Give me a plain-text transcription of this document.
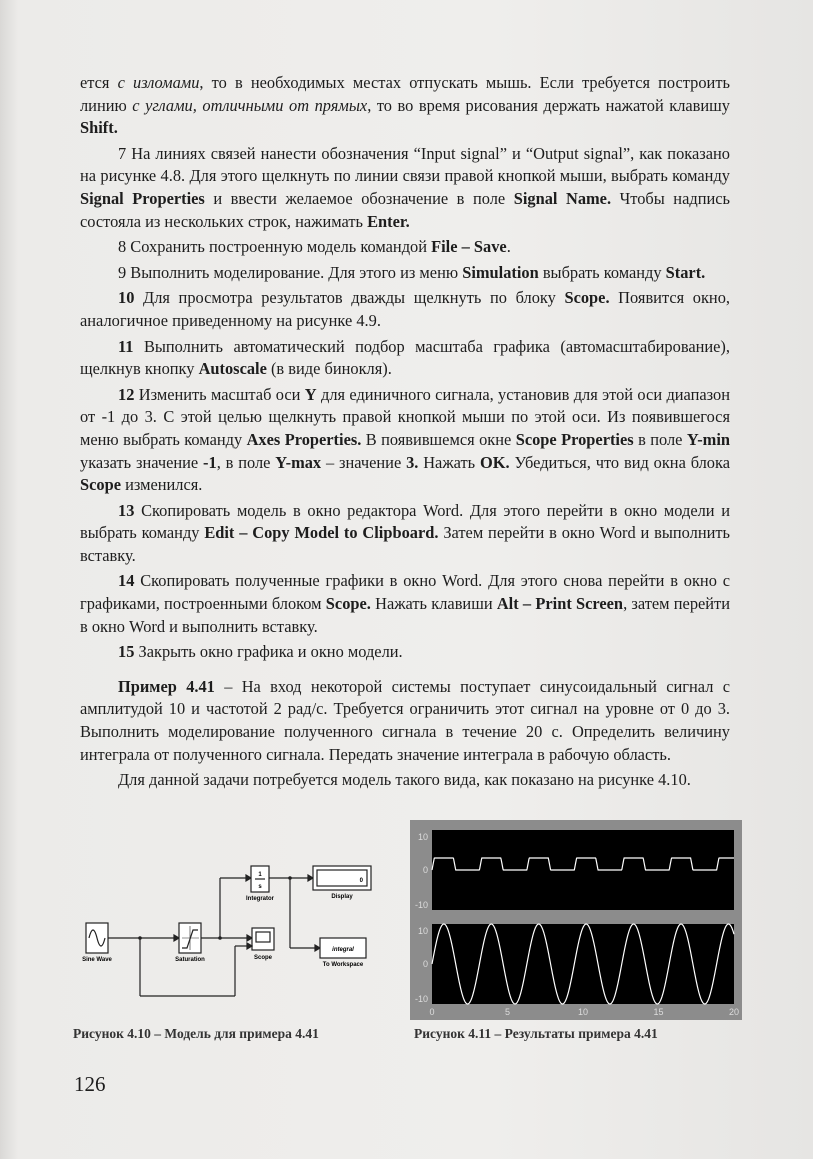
ется с изломами, то в необходимых местах отпускать мышь. Если требуется построить линию с углами, отличными от прямых, то во время рисования держать нажатой клавишу Shift.

7 На линиях связей нанести обозначения “Input signal” и “Output signal”, как показано на рисунке 4.8. Для этого щелкнуть по линии связи правой кнопкой мыши, выбрать команду Signal Properties и ввести желаемое обозначение в поле Signal Name. Чтобы надпись состояла из нескольких строк, нажимать Enter.

8 Сохранить построенную модель командой File – Save.

9 Выполнить моделирование. Для этого из меню Simulation выбрать команду Start.

10 Для просмотра результатов дважды щелкнуть по блоку Scope. Появится окно, аналогичное приведенному на рисунке 4.9.

11 Выполнить автоматический подбор масштаба графика (автомасштабирование), щелкнув кнопку Autoscale (в виде бинокля).

12 Изменить масштаб оси Y для единичного сигнала, установив для этой оси диапазон от -1 до 3. С этой целью щелкнуть правой кнопкой мыши по этой оси. Из появившегося меню выбрать команду Axes Properties. В появившемся окне Scope Properties в поле Y-min указать значение -1, в поле Y-max – значение 3. Нажать OK. Убедиться, что вид окна блока Scope изменился.

13 Скопировать модель в окно редактора Word. Для этого перейти в окно модели и выбрать команду Edit – Copy Model to Clipboard. Затем перейти в окно Word и выполнить вставку.

14 Скопировать полученные графики в окно Word. Для этого снова перейти в окно с графиками, построенными блоком Scope. Нажать клавиши Alt – Print Screen, затем перейти в окно Word и выполнить вставку.

15 Закрыть окно графика и окно модели.

Пример 4.41 – На вход некоторой системы поступает синусоидальный сигнал с амплитудой 10 и частотой 2 рад/с. Требуется ограничить этот сигнал на уровне от 0 до 3. Выполнить моделирование полученного сигнала в течение 20 с. Определить величину интеграла от полученного сигнала. Передать значение интеграла в рабочую область.

Для данной задачи потребуется модель такого вида, как показано на рисунке 4.10.

1
s
0
integral
Sine Wave	Saturation
Integrator	Display
Scope
To Workspace
10
0
-10
10
0
-10
0	5	10	15	20
Рисунок 4.10 – Модель для примера 4.41	Рисунок 4.11 – Результаты примера 4.41
126
